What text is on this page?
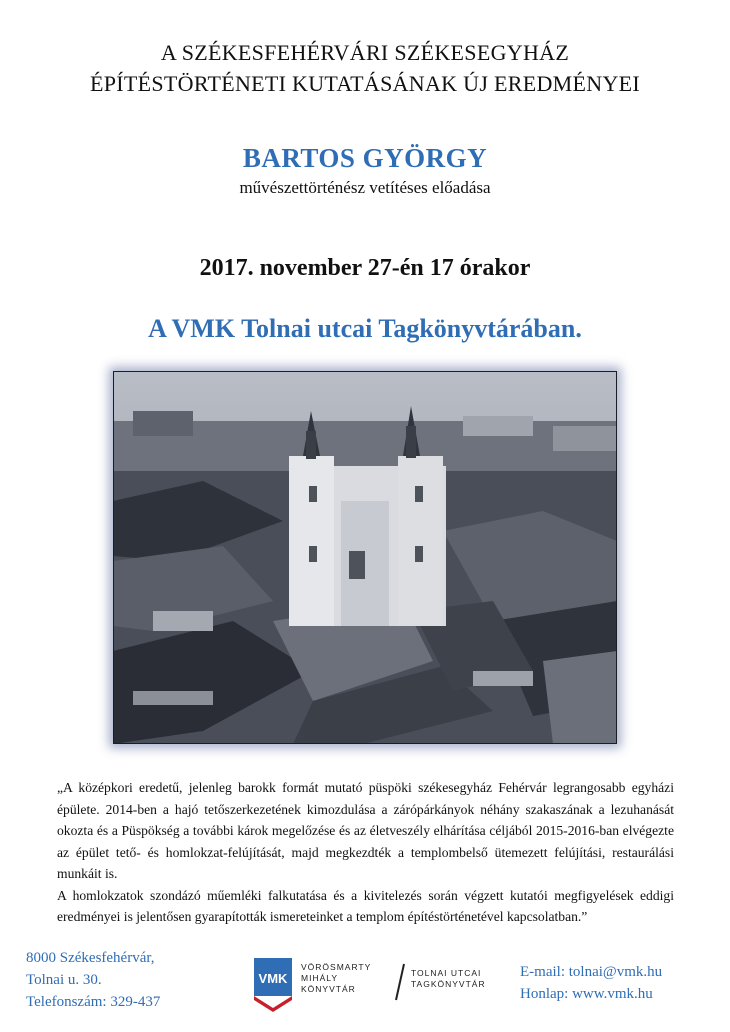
A SZÉKESFEHÉRVÁRI SZÉKESEGYHÁZ
ÉPÍTÉSTÖRTÉNETI KUTATÁSÁNAK ÚJ EREDMÉNYEI
BARTOS GYÖRGY
művészettörténész vetítéses előadása
2017. november 27-én 17 órakor
A VMK Tolnai utcai Tagkönyvtárában.

„A középkori eredetű, jelenleg barokk formát mutató püspöki székesegyház Fehérvár legrangosabb egyházi épülete. 2014-ben a hajó tetőszerkezetének kimozdulása a zárópárkányok néhány szakaszának a lezuhanását okozta és a Püspökség a további károk megelőzése és az életveszély elhárítása céljából 2015-2016-ban elvégezte az épület tető- és homlokzat-felújítását, majd megkezdték a templombelső ütemezett felújítási, restaurálási munkáit is.

A homlokzatok szondázó műemléki falkutatása és a kivitelezés során végzett kutatói megfigyelések eddigi eredményei is jelentősen gyarapították ismereteinket a templom építéstörténetével kapcsolatban.”

8000 Székesfehérvár,
Tolnai u. 30.
Telefonszám: 329-437
VMK
VÖRÖSMARTY
MIHÁLY
KÖNYVTÁR
TOLNAI UTCAI
TAGKÖNYVTÁR
E-mail: tolnai@vmk.hu
Honlap: www.vmk.hu
